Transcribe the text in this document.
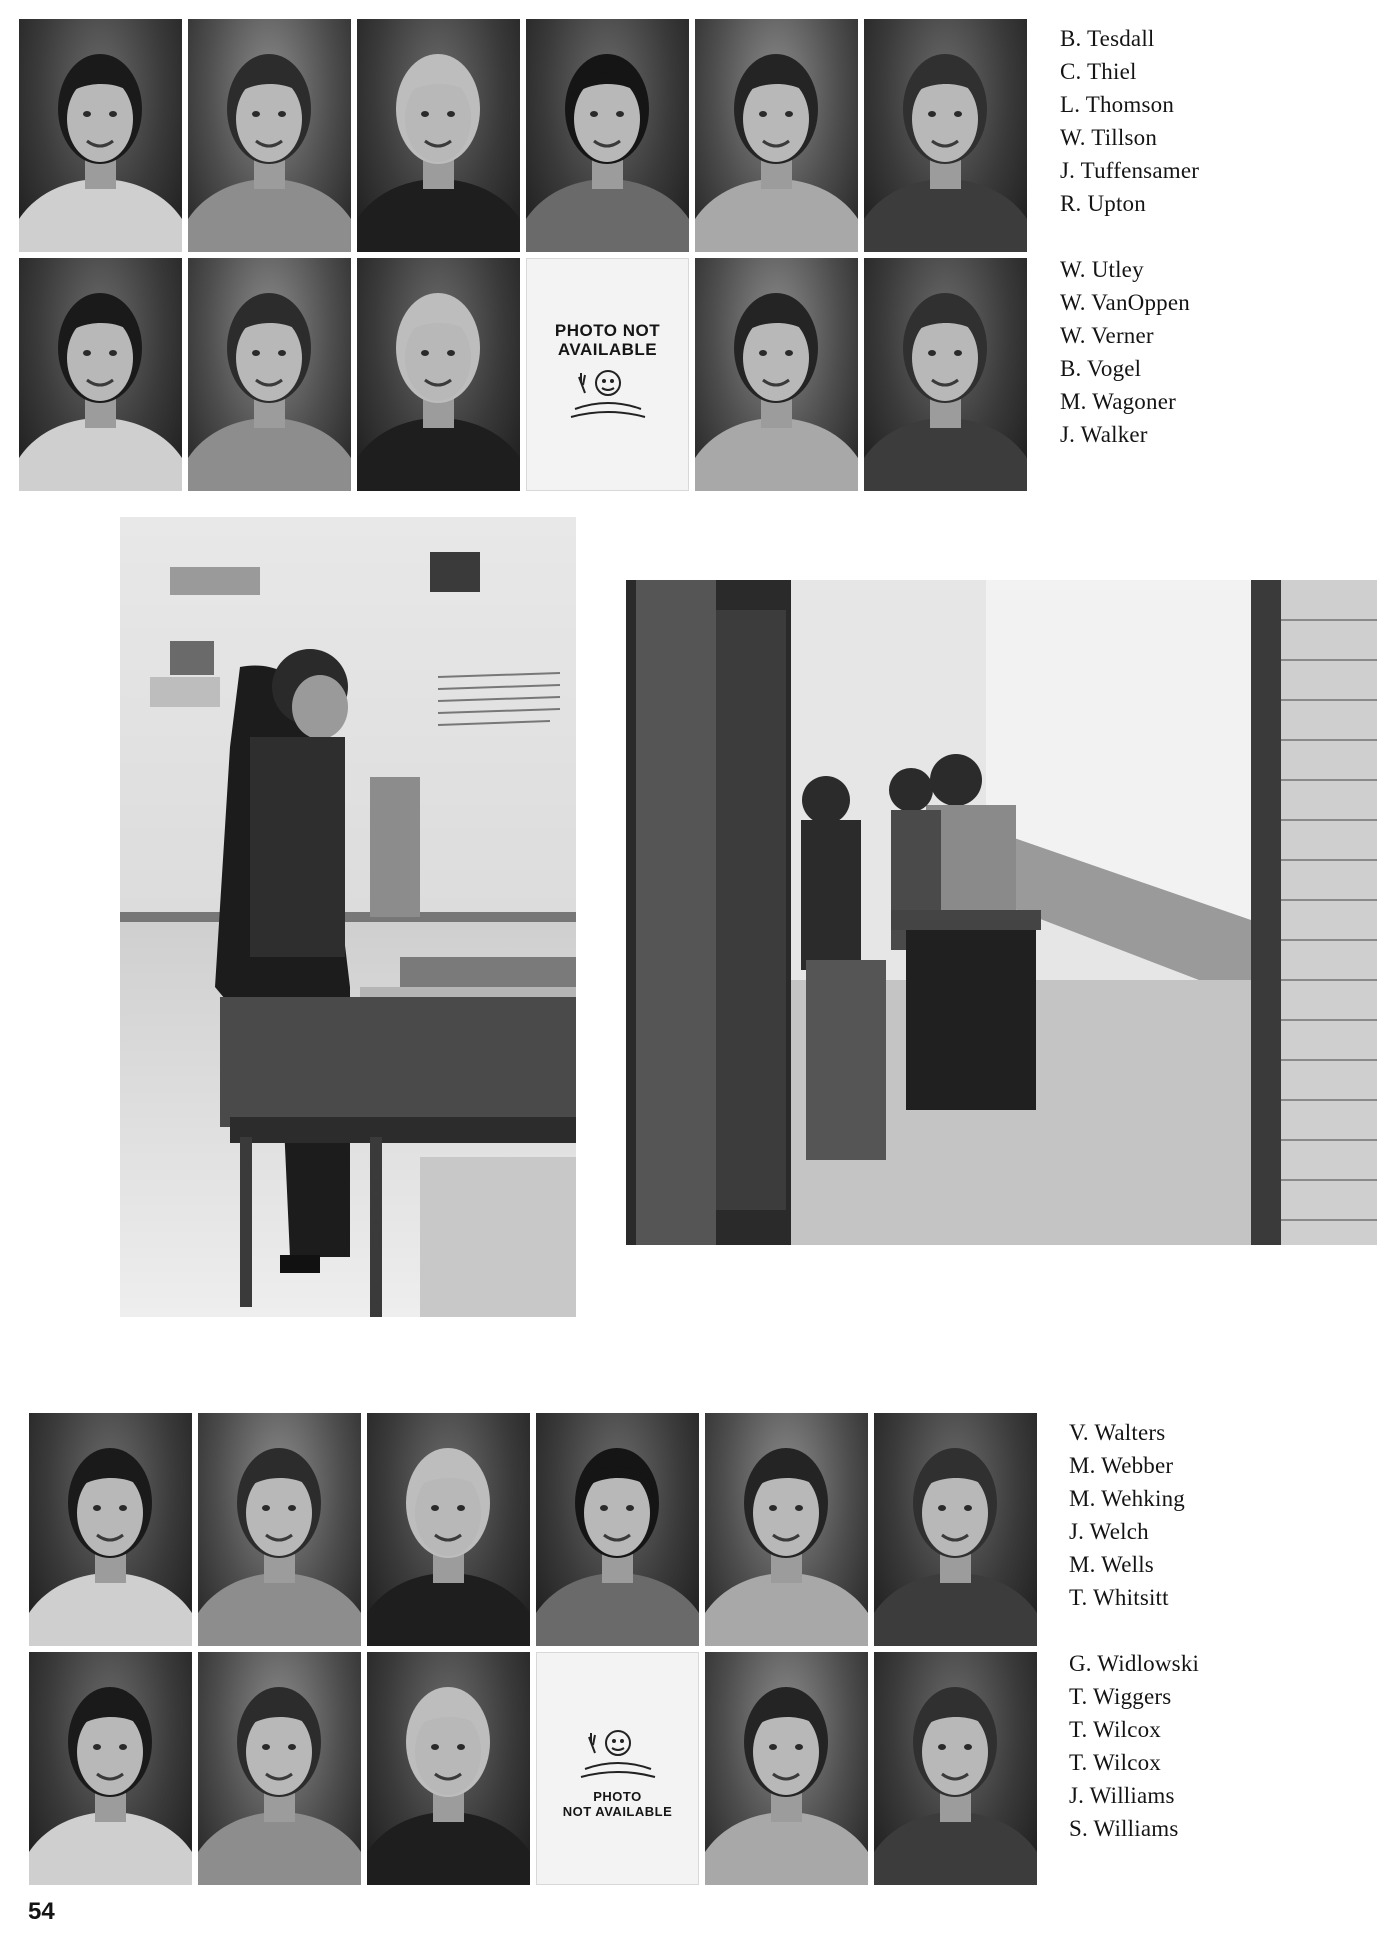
PHOTO NOT
AVAILABLE
B. Tesdall
C. Thiel
L. Thomson
W. Tillson
J. Tuffensamer
R. Upton
W. Utley
W. VanOppen
W. Verner
B. Vogel
M. Wagoner
J. Walker
PHOTO
NOT AVAILABLE
V. Walters
M. Webber
M. Wehking
J. Welch
M. Wells
T. Whitsitt
G. Widlowski
T. Wiggers
T. Wilcox
T. Wilcox
J. Williams
S. Williams
54
